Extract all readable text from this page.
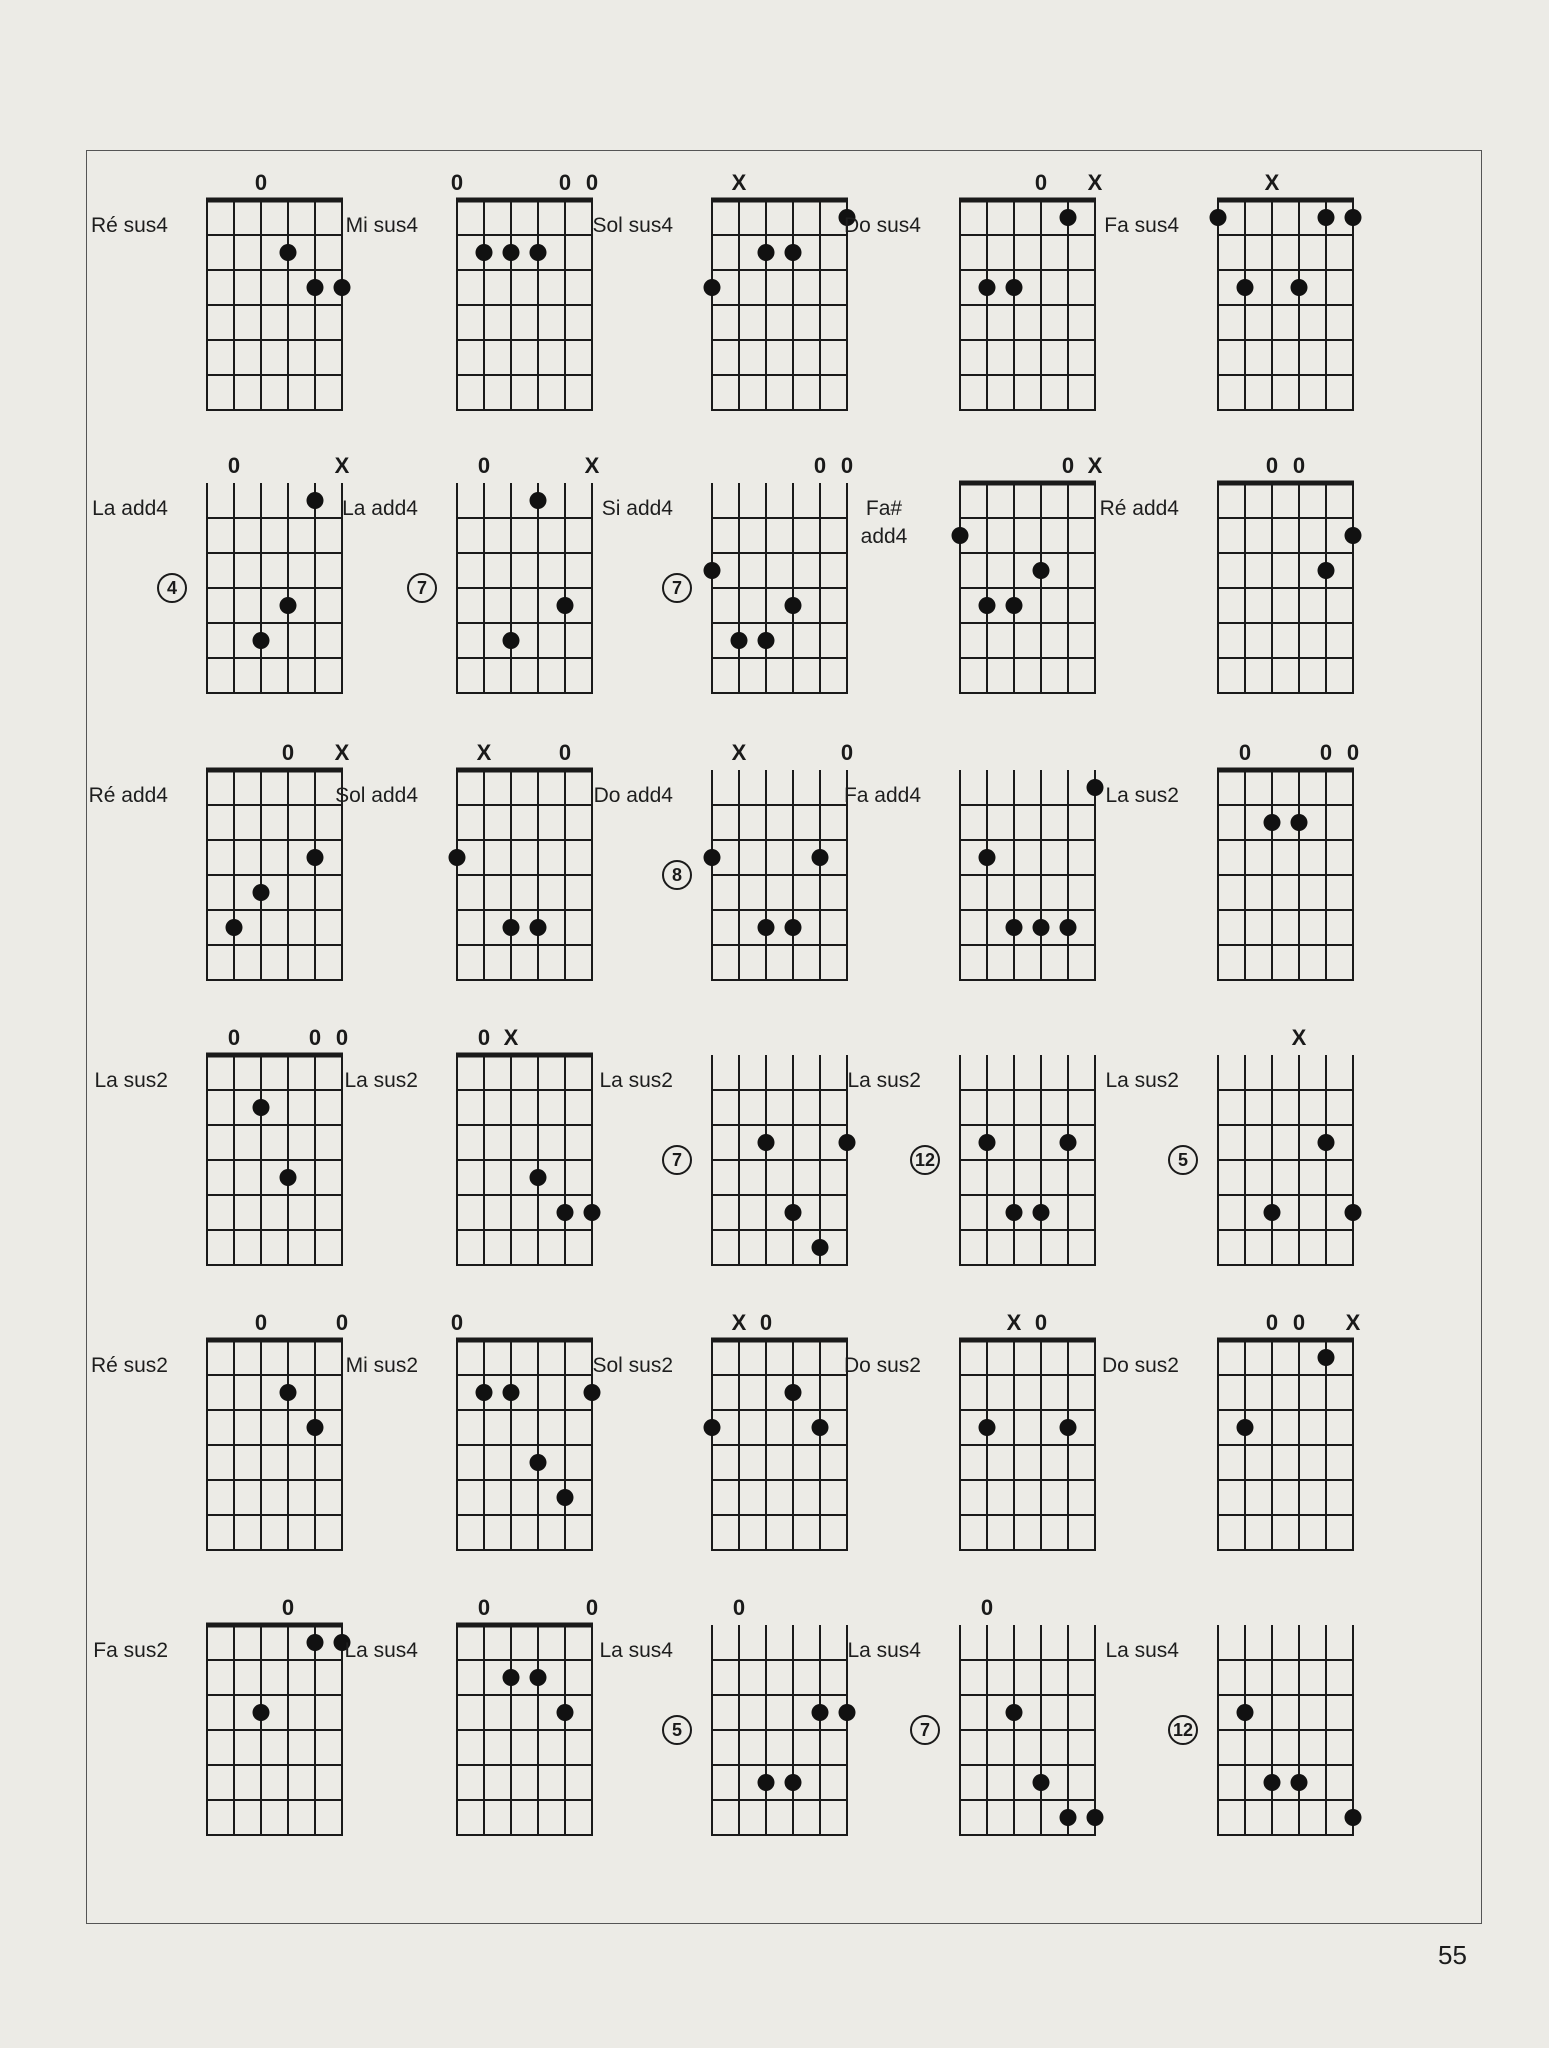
Ré sus4
0
Mi sus4
0	0 0
Sol sus4
X
Do sus4
0 X
Fa sus4
X
La add4
4
0	X
La add4
7
0	X
Si add4
7
0 0
Fa# add4
0 X
Ré add4
0 0
Ré add4
0 X
Sol add4
X	0
Do add4
8
X	0
Fa add4	La sus2
0	0 0
La sus2
0	0 0
La sus2
0 X
La sus2
7
La sus2
12
La sus2
5
X
Ré sus2
0	0
Mi sus2
0
Sol sus2
X 0
Do sus2
X 0
Do sus2
0 0 X
Fa sus2
0
La sus4
0	0
La sus4
5
0
La sus4
7
0
La sus4
12
55
